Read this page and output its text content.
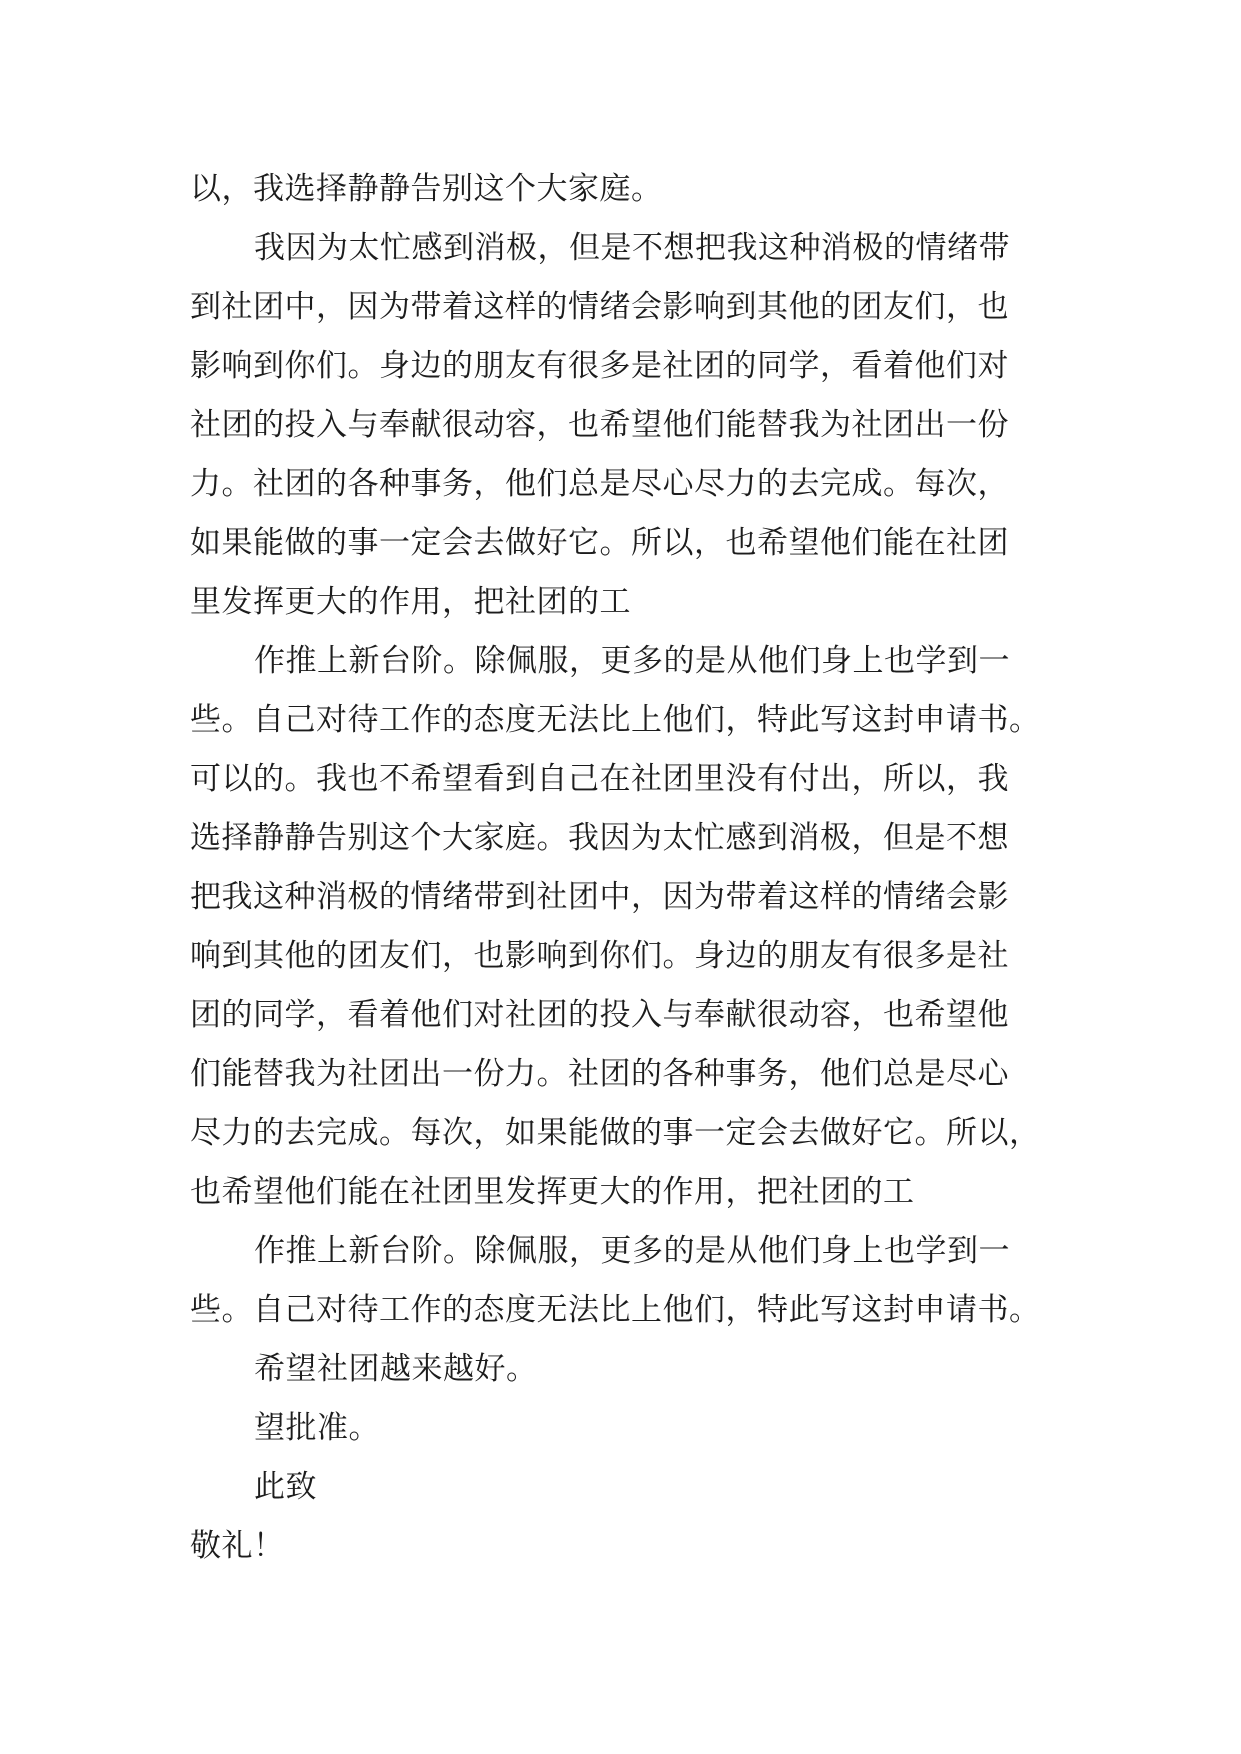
以，我选择静静告别这个大家庭。
我因为太忙感到消极，但是不想把我这种消极的情绪带
到社团中，因为带着这样的情绪会影响到其他的团友们，也
影响到你们。身边的朋友有很多是社团的同学，看着他们对
社团的投入与奉献很动容，也希望他们能替我为社团出一份
力。社团的各种事务，他们总是尽心尽力的去完成。每次，
如果能做的事一定会去做好它。所以，也希望他们能在社团
里发挥更大的作用，把社团的工
作推上新台阶。除佩服，更多的是从他们身上也学到一
些。自己对待工作的态度无法比上他们，特此写这封申请书。
可以的。我也不希望看到自己在社团里没有付出，所以，我
选择静静告别这个大家庭。我因为太忙感到消极，但是不想
把我这种消极的情绪带到社团中，因为带着这样的情绪会影
响到其他的团友们，也影响到你们。身边的朋友有很多是社
团的同学，看着他们对社团的投入与奉献很动容，也希望他
们能替我为社团出一份力。社团的各种事务，他们总是尽心
尽力的去完成。每次，如果能做的事一定会去做好它。所以，
也希望他们能在社团里发挥更大的作用，把社团的工
作推上新台阶。除佩服，更多的是从他们身上也学到一
些。自己对待工作的态度无法比上他们，特此写这封申请书。
希望社团越来越好。
望批准。
此致
敬礼！
